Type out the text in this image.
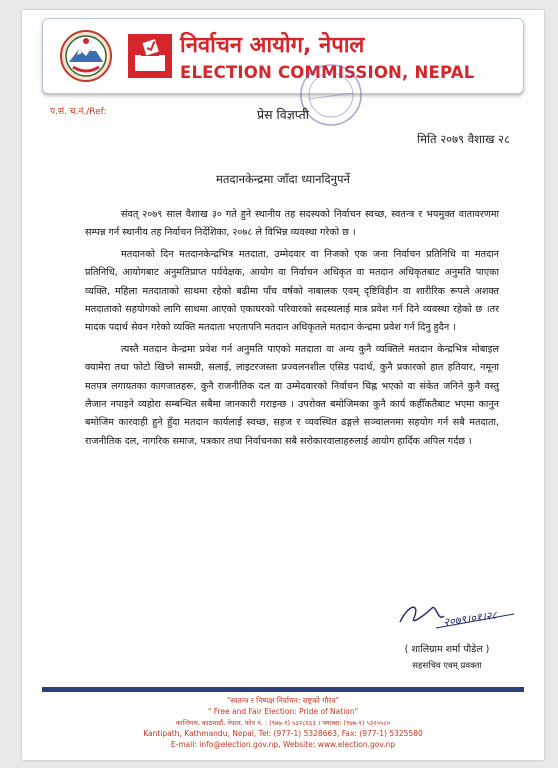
निर्वाचन आयोग, नेपाल
ELECTION COMMISSION, NEPAL
प.सं. च.नं./Ref:	प्रेस विज्ञप्ती
मिति २०७९ वैशाख २८
मतदानकेन्द्रमा जाँदा ध्यानदिनुपर्ने

संवत् २०७९ साल वैशाख ३० गते हुने स्थानीय तह सदस्यको निर्वाचन स्वच्छ, स्वतन्त्र र भयमुक्त वातावरणमा सम्पन्न गर्न स्थानीय तह निर्वाचन निर्देशिका, २०७८ ले विभिन्न व्यवस्था गरेको छ ।

मतदानको दिन मतदानकेन्द्रभित्र मतदाता, उम्मेदवार वा निजको एक जना निर्वाचन प्रतिनिधि वा मतदान प्रतिनिधि, आयोगबाट अनुमतिप्राप्त पर्यवेक्षक, आयोग वा निर्वाचन अधिकृत वा मतदान अधिकृतबाट अनुमति पाएका व्यक्ति, महिला मतदाताको साथमा रहेको बढीमा पाँच वर्षको नाबालक एवम् दृष्टिविहीन वा शारीरिक रूपले अशक्त मतदाताको सहयोगको लागि साथमा आएको एकाघरको परिवारको सदस्यलाई मात्र प्रवेश गर्न दिने व्यवस्था रहेको छ ।तर मादक पदार्थ सेवन गरेको व्यक्ति मतदाता भएतापनि मतदान अधिकृतले मतदान केन्द्रमा प्रवेश गर्न दिनु हुदैन ।

त्यस्तै मतदान केन्द्रमा प्रवेश गर्न अनुमति पाएको मतदाता वा अन्य कुनै व्यक्तिले मतदान केन्द्रभित्र मोबाइल क्यामेरा तथा फोटो खिच्ने सामग्री, सलाई, लाइटरजस्ता प्रज्वलनशील एसिड पदार्थ, कुनै प्रकारको हात हतियार, नमूना मतपत्र लगायतका कागजातहरू, कुनै राजनीतिक दल वा उम्मेदवारको निर्वाचन चिह्न भएको वा संकेत जनिने कुनै वस्तु लैजान नपाइने व्यहोरा सम्बन्धित सबैमा जानकारी गराइन्छ । उपरोक्त बमोजिमका कुनै कार्य कहीँकतैबाट भएमा कानुन बमोजिम कारवाही हुने हुँदा मतदान कार्यलाई स्वच्छ, सहज र व्यवस्थित ढङ्गले सञ्चालनमा सहयोग गर्न सबै मतदाता, राजनीतिक दल, नागरिक समाज, पत्रकार तथा निर्वाचनका सबै सरोकारवालाहरुलाई आयोग हार्दिक अपिल गर्दछ ।

२०७९।०१।२८
( शालिग्राम शर्मा पौडेल )
सहसचिव एवम् प्रवक्ता
"स्वतन्त्र र निष्पक्ष निर्वाचन: राष्ट्रको गौरव"
" Free and Fair Election: Pride of Nation"
कान्तिपथ, काठमाडौं, नेपाल, फोन नं. : (९७७-१) ५३२८६६३ । फ्याक्स: (९७७-१) ५३२५५८०
Kantipath, Kathmandu, Nepal, Tel: (977-1) 5328663, Fax: (977-1) 5325580
E-mail: info@election.gov.np, Website: www.election.gov.np
